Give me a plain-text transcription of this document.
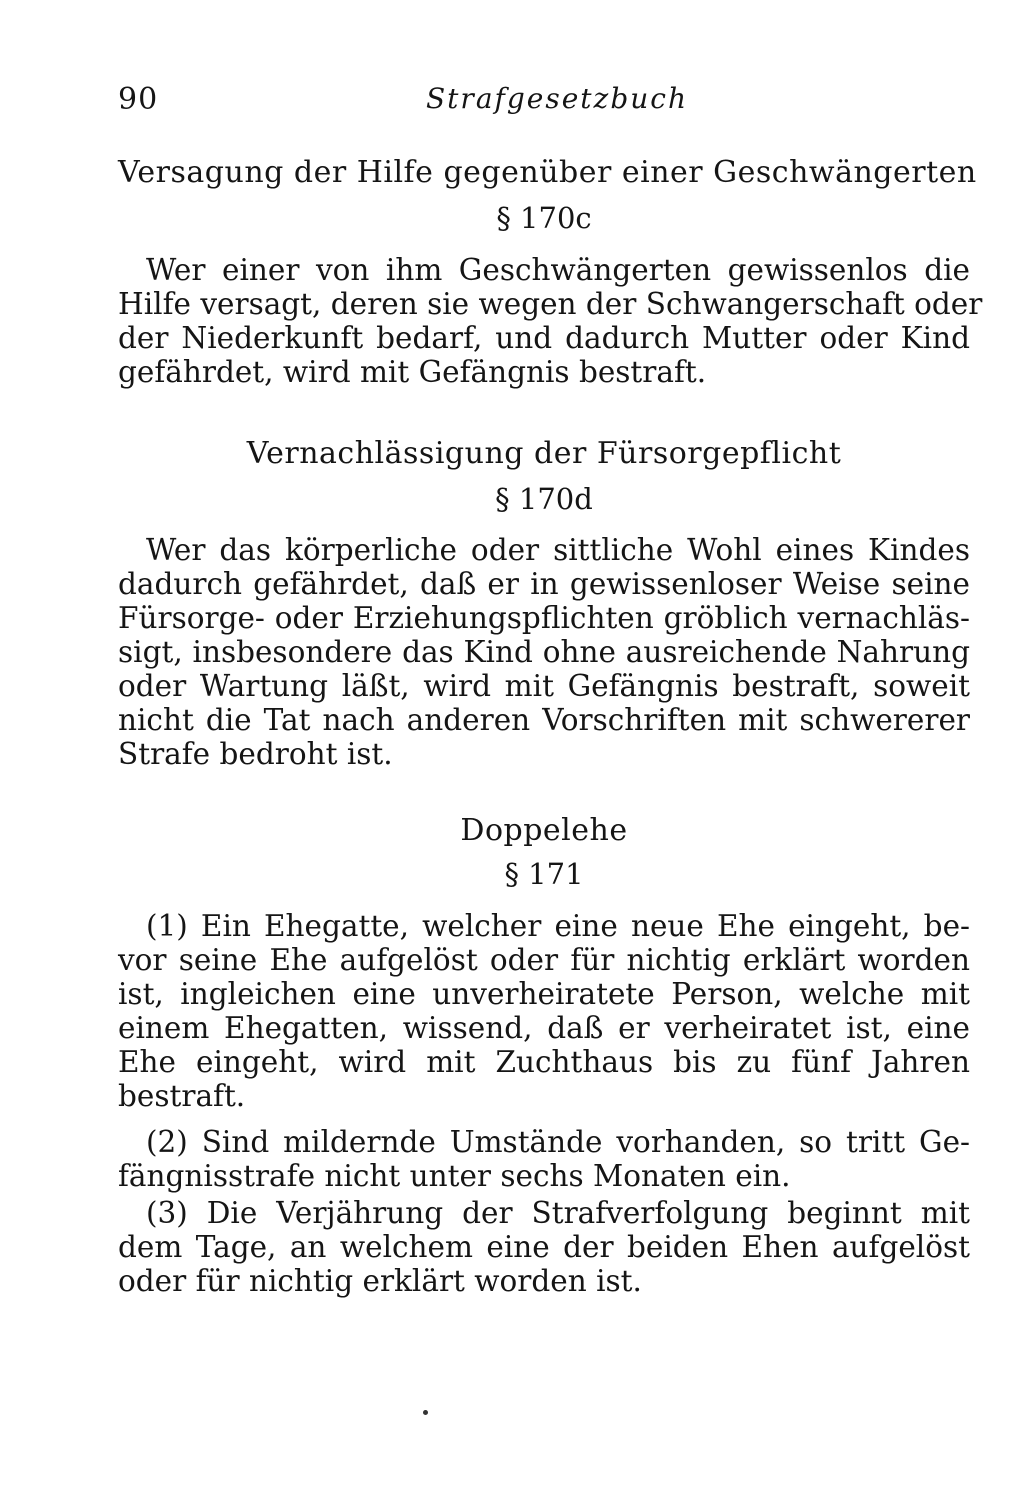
90	Strafgesetzbuch
Versagung der Hilfe gegenüber einer Geschwängerten
§ 170c
Wer einer von ihm Geschwängerten gewissenlos die
Hilfe versagt, deren sie wegen der Schwangerschaft oder
der Niederkunft bedarf, und dadurch Mutter oder Kind
gefährdet, wird mit Gefängnis bestraft.
Vernachlässigung der Fürsorgepflicht
§ 170d
Wer das körperliche oder sittliche Wohl eines Kindes
dadurch gefährdet, daß er in gewissenloser Weise seine
Fürsorge- oder Erziehungspflichten gröblich vernachläs-
sigt, insbesondere das Kind ohne ausreichende Nahrung
oder Wartung läßt, wird mit Gefängnis bestraft, soweit
nicht die Tat nach anderen Vorschriften mit schwererer
Strafe bedroht ist.
Doppelehe
§ 171
(1) Ein Ehegatte, welcher eine neue Ehe eingeht, be-
vor seine Ehe aufgelöst oder für nichtig erklärt worden
ist, ingleichen eine unverheiratete Person, welche mit
einem Ehegatten, wissend, daß er verheiratet ist, eine
Ehe eingeht, wird mit Zuchthaus bis zu fünf Jahren
bestraft.
(2) Sind mildernde Umstände vorhanden, so tritt Ge-
fängnisstrafe nicht unter sechs Monaten ein.
(3) Die Verjährung der Strafverfolgung beginnt mit
dem Tage, an welchem eine der beiden Ehen aufgelöst
oder für nichtig erklärt worden ist.
